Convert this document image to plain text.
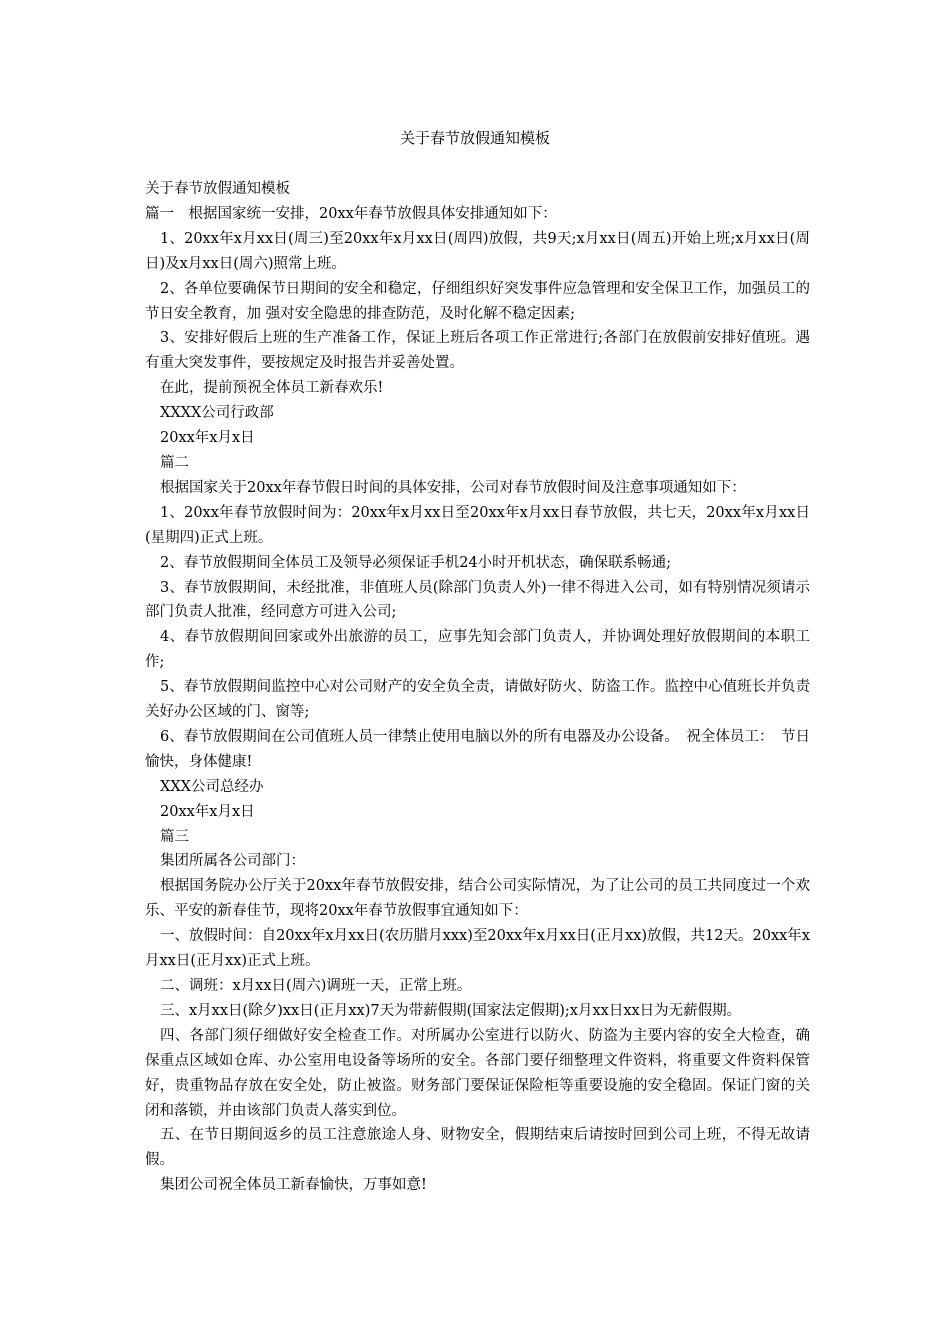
关于春节放假通知模板

关于春节放假通知模板

篇一　根据国家统一安排，20xx年春节放假具体安排通知如下：

1、20xx年x月xx日(周三)至20xx年x月xx日(周四)放假，共9天;x月xx日(周五)开始上班;x月xx日(周日)及x月xx日(周六)照常上班。

2、各单位要确保节日期间的安全和稳定，仔细组织好突发事件应急管理和安全保卫工作，加强员工的节日安全教育，加 强对安全隐患的排查防范，及时化解不稳定因素;

3、安排好假后上班的生产准备工作，保证上班后各项工作正常进行;各部门在放假前安排好值班。遇有重大突发事件，要按规定及时报告并妥善处置。

在此，提前预祝全体员工新春欢乐!

XXXX公司行政部

20xx年x月x日

篇二

根据国家关于20xx年春节假日时间的具体安排，公司对春节放假时间及注意事项通知如下：

1、20xx年春节放假时间为：20xx年x月xx日至20xx年x月xx日春节放假，共七天，20xx年x月xx日(星期四)正式上班。

2、春节放假期间全体员工及领导必须保证手机24小时开机状态，确保联系畅通;

3、春节放假期间，未经批准，非值班人员(除部门负责人外)一律不得进入公司，如有特别情况须请示部门负责人批准，经同意方可进入公司;

4、春节放假期间回家或外出旅游的员工，应事先知会部门负责人，并协调处理好放假期间的本职工作;

5、春节放假期间监控中心对公司财产的安全负全责，请做好防火、防盗工作。监控中心值班长并负责关好办公区域的门、窗等;

6、春节放假期间在公司值班人员一律禁止使用电脑以外的所有电器及办公设备。　祝全体员工：　节日愉快，身体健康!

XXX公司总经办

20xx年x月x日

篇三

集团所属各公司部门：

根据国务院办公厅关于20xx年春节放假安排，结合公司实际情况，为了让公司的员工共同度过一个欢乐、平安的新春佳节，现将20xx年春节放假事宜通知如下：

一、放假时间：自20xx年x月xx日(农历腊月xxx)至20xx年x月xx日(正月xx)放假，共12天。20xx年x月xx日(正月xx)正式上班。

二、调班：x月xx日(周六)调班一天，正常上班。

三、x月xx日(除夕)xx日(正月xx)7天为带薪假期(国家法定假期);x月xx日xx日为无薪假期。

四、各部门须仔细做好安全检查工作。对所属办公室进行以防火、防盗为主要内容的安全大检查，确保重点区域如仓库、办公室用电设备等场所的安全。各部门要仔细整理文件资料，将重要文件资料保管好，贵重物品存放在安全处，防止被盗。财务部门要保证保险柜等重要设施的安全稳固。保证门窗的关闭和落锁，并由该部门负责人落实到位。

五、在节日期间返乡的员工注意旅途人身、财物安全，假期结束后请按时回到公司上班，不得无故请假。

集团公司祝全体员工新春愉快，万事如意!
